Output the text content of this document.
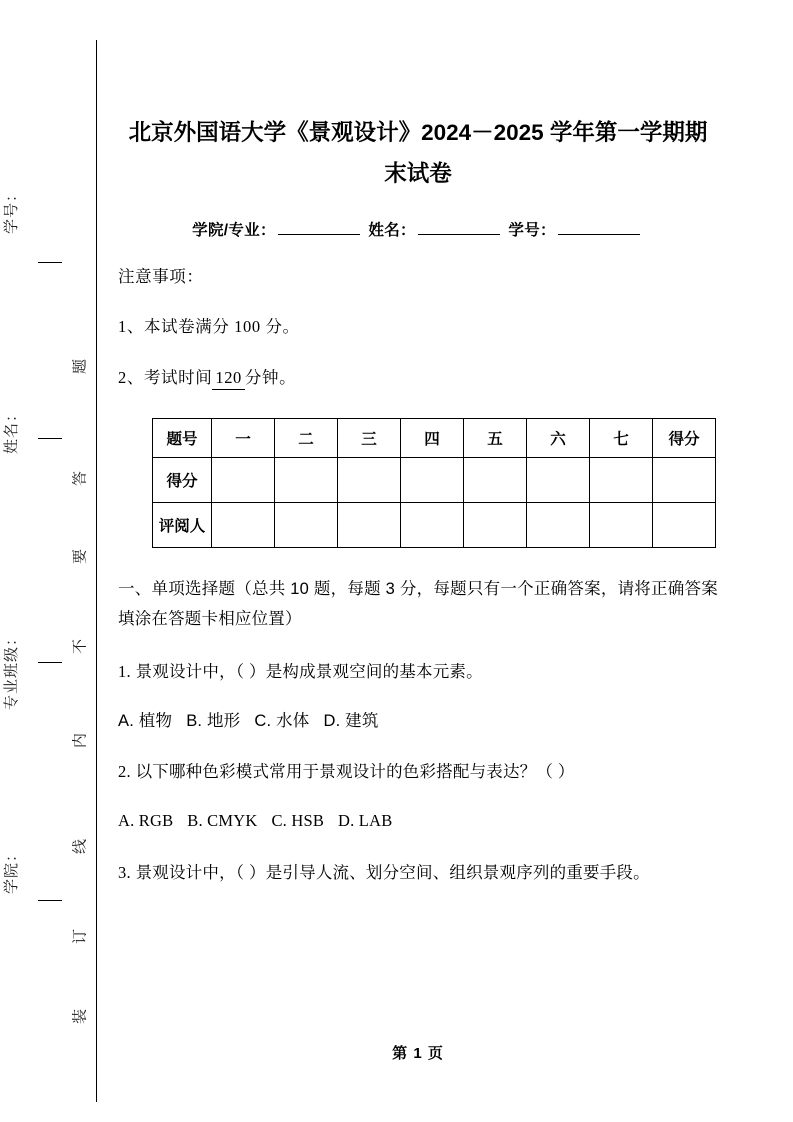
学号：
姓名：
专业班级：
学院：
题
答
要
不
内
线
订
装
北京外国语大学《景观设计》2024－2025 学年第一学期期末试卷
学院/专业：	姓名：	学号：

注意事项：

1、本试卷满分 100 分。

2、考试时间 120 分钟。

题号	一	二	三	四	五	六	七	得分
得分								
评阅人								

一、单项选择题（总共 10 题，每题 3 分，每题只有一个正确答案，请将正确答案填涂在答题卡相应位置）

1. 景观设计中，（ ）是构成景观空间的基本元素。

A. 植物 B. 地形 C. 水体 D. 建筑

2. 以下哪种色彩模式常用于景观设计的色彩搭配与表达？（ ）

A. RGB B. CMYK C. HSB D. LAB

3. 景观设计中，（ ）是引导人流、划分空间、组织景观序列的重要手段。

第 1 页
